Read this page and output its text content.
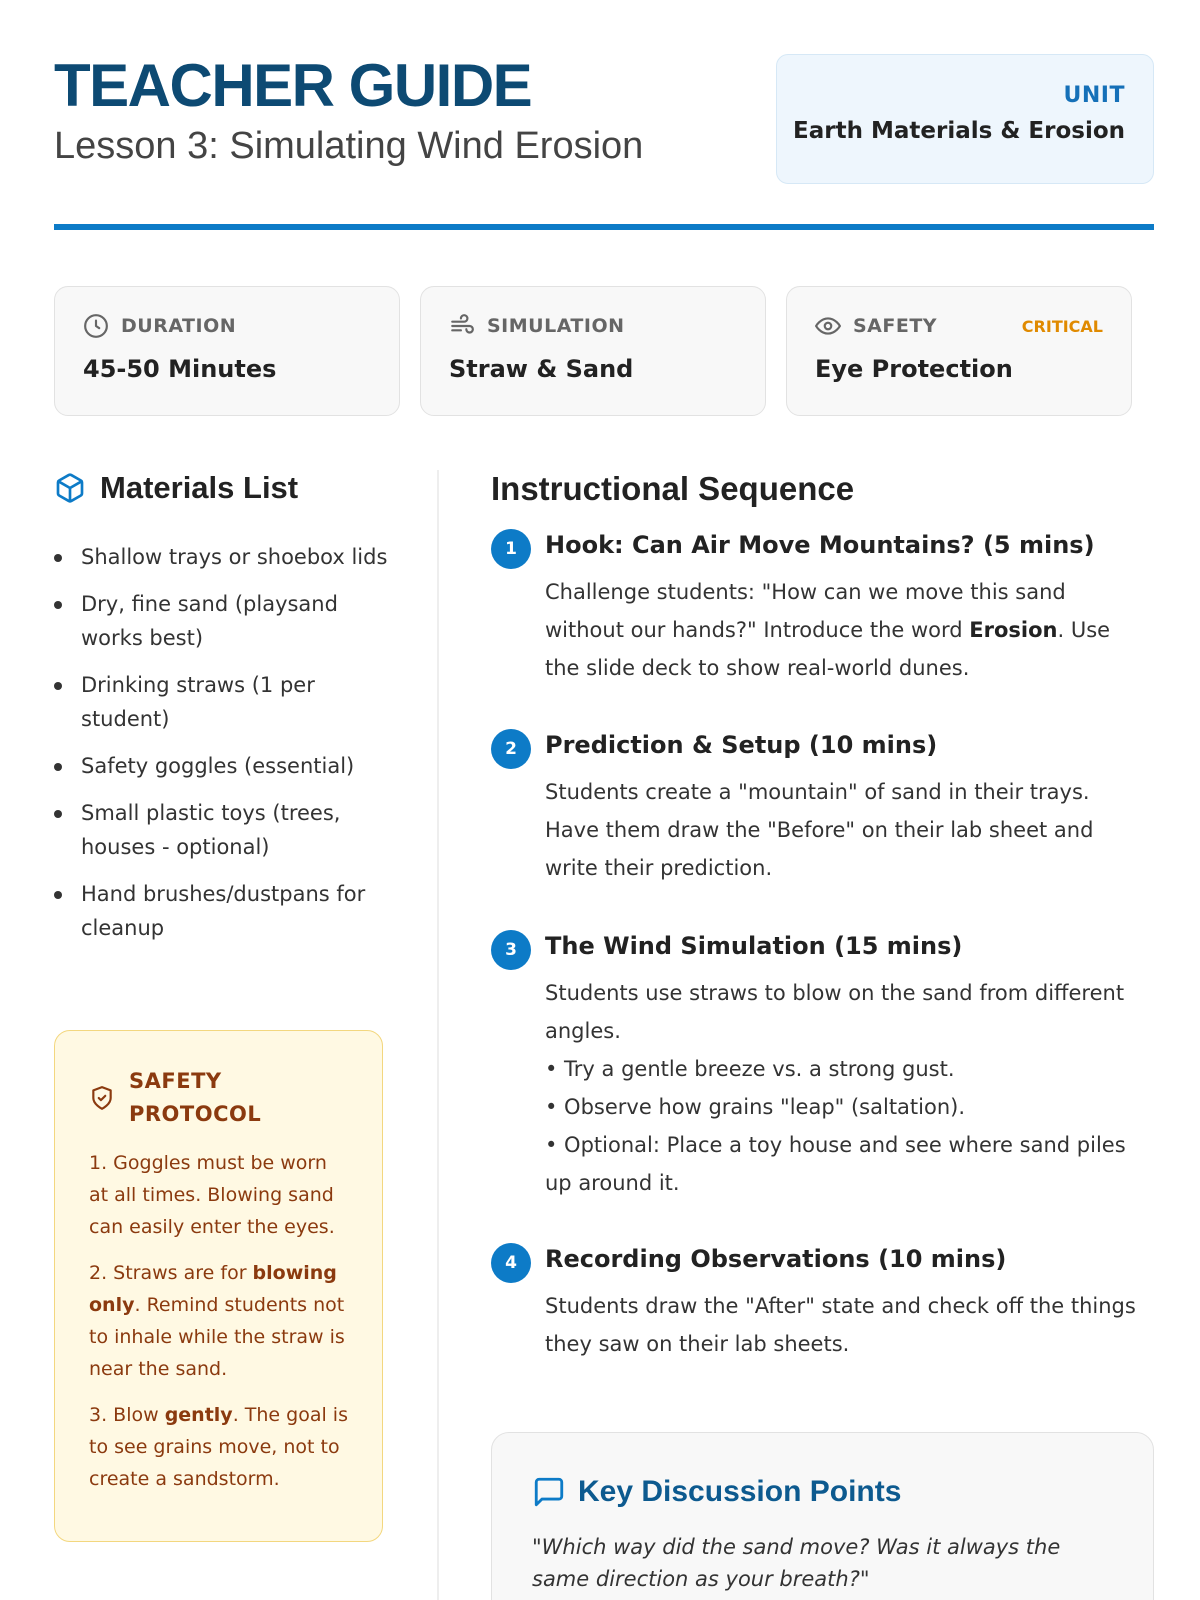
TEACHER GUIDE
Lesson 3: Simulating Wind Erosion
UNIT
Earth Materials & Erosion
DURATION
45-50 Minutes
SIMULATION
Straw & Sand
SAFETY	CRITICAL
Eye Protection
Materials List
Shallow trays or shoebox lids
Dry, fine sand (playsand works best)
Drinking straws (1 per student)
Safety goggles (essential)
Small plastic toys (trees, houses - optional)
Hand brushes/dustpans for cleanup
SAFETY PROTOCOL
1. Goggles must be worn at all times. Blowing sand can easily enter the eyes.
2. Straws are for blowing only. Remind students not to inhale while the straw is near the sand.
3. Blow gently. The goal is to see grains move, not to create a sandstorm.
Instructional Sequence
1	Hook: Can Air Move Mountains? (5 mins)
Challenge students: "How can we move this sand without our hands?" Introduce the word Erosion. Use the slide deck to show real-world dunes.
2	Prediction & Setup (10 mins)
Students create a "mountain" of sand in their trays. Have them draw the "Before" on their lab sheet and write their prediction.
3	The Wind Simulation (15 mins)
Students use straws to blow on the sand from different angles.
• Try a gentle breeze vs. a strong gust.
• Observe how grains "leap" (saltation).
• Optional: Place a toy house and see where sand piles up around it.
4	Recording Observations (10 mins)
Students draw the "After" state and check off the things they saw on their lab sheets.
Key Discussion Points
"Which way did the sand move? Was it always the same direction as your breath?"
